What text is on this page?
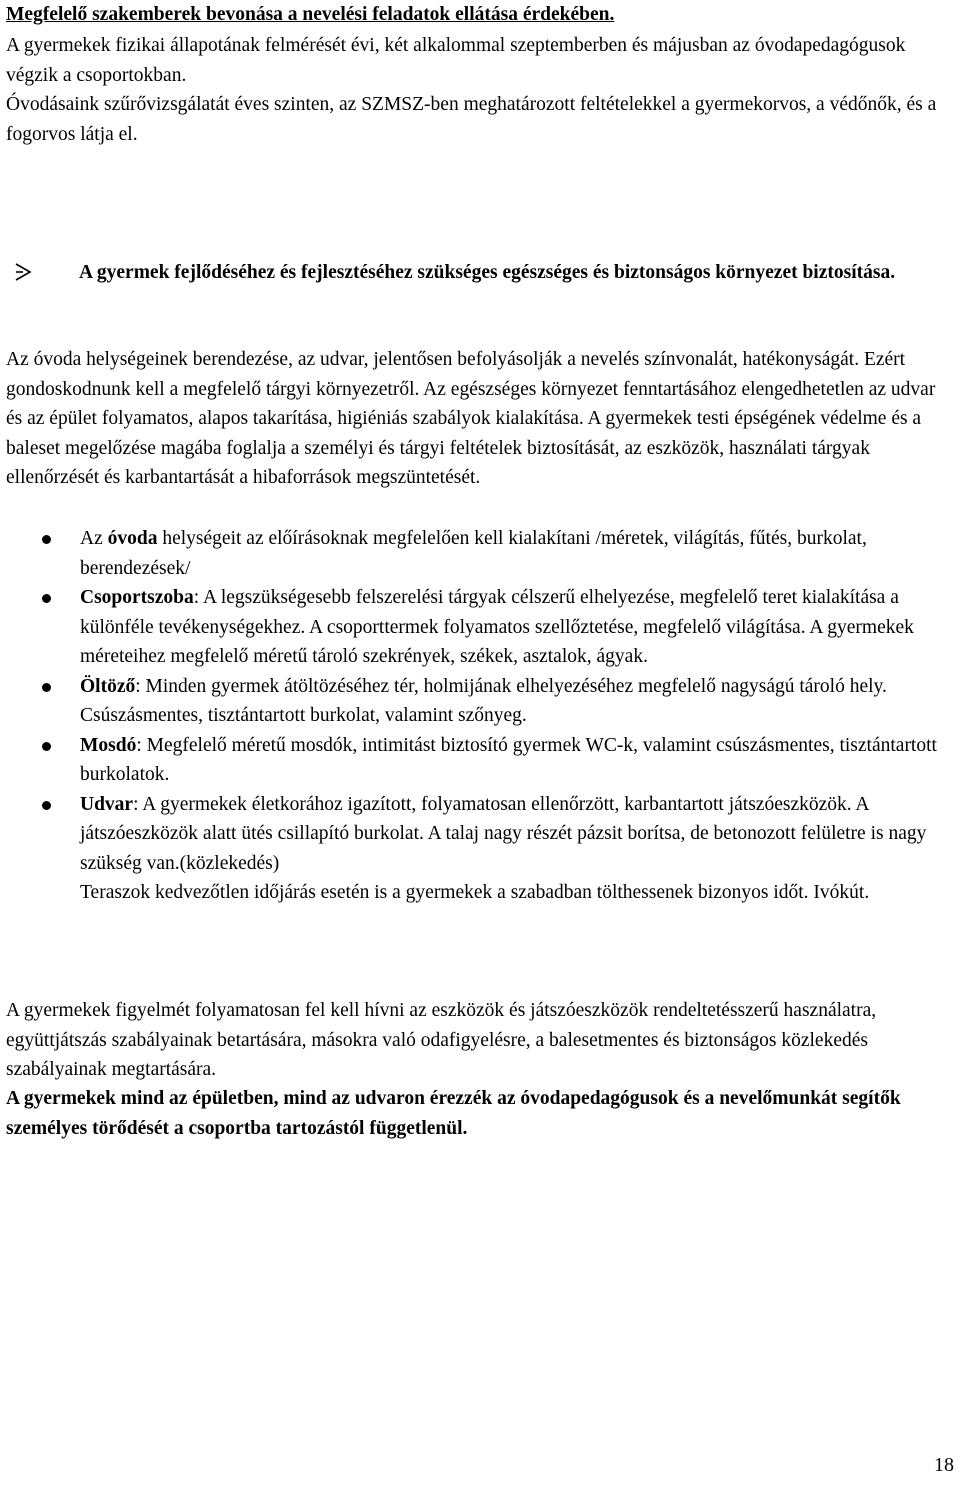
Megfelelő szakemberek bevonása a nevelési feladatok ellátása érdekében.

A gyermekek fizikai állapotának felmérését évi, két alkalommal szeptemberben és májusban az óvodapedagógusok végzik a csoportokban.

Óvodásaink szűrővizsgálatát éves szinten, az SZMSZ-ben meghatározott feltételekkel a gyermekorvos, a védőnők, és a fogorvos látja el.

A gyermek fejlődéséhez és fejlesztéséhez szükséges egészséges és biztonságos környezet biztosítása.

Az óvoda helységeinek berendezése, az udvar, jelentősen befolyásolják a nevelés színvonalát, hatékonyságát. Ezért gondoskodnunk kell a megfelelő tárgyi környezetről. Az egészséges környezet fenntartásához elengedhetetlen az udvar és az épület folyamatos, alapos takarítása, higiéniás szabályok kialakítása. A gyermekek testi épségének védelme és a baleset megelőzése magába foglalja a személyi és tárgyi feltételek biztosítását, az eszközök, használati tárgyak ellenőrzését és karbantartását a hibaforrások megszüntetését.

Az óvoda helységeit az előírásoknak megfelelően kell kialakítani /méretek, világítás, fűtés, burkolat, berendezések/
Csoportszoba: A legszükségesebb felszerelési tárgyak célszerű elhelyezése, megfelelő teret kialakítása a különféle tevékenységekhez. A csoporttermek folyamatos szellőztetése, megfelelő világítása. A gyermekek méreteihez megfelelő méretű tároló szekrények, székek, asztalok, ágyak.
Öltöző: Minden gyermek átöltözéséhez tér, holmijának elhelyezéséhez megfelelő nagyságú tároló hely. Csúszásmentes, tisztántartott burkolat, valamint szőnyeg.
Mosdó: Megfelelő méretű mosdók, intimitást biztosító gyermek WC-k, valamint csúszásmentes, tisztántartott burkolatok.
Udvar: A gyermekek életkorához igazított, folyamatosan ellenőrzött, karbantartott játszóeszközök. A játszóeszközök alatt ütés csillapító burkolat. A talaj nagy részét pázsit borítsa, de betonozott felületre is nagy szükség van.(közlekedés)
Teraszok kedvezőtlen időjárás esetén is a gyermekek a szabadban tölthessenek bizonyos időt. Ivókút.

A gyermekek figyelmét folyamatosan fel kell hívni az eszközök és játszóeszközök rendeltetésszerű használatra, együttjátszás szabályainak betartására, másokra való odafigyelésre, a balesetmentes és biztonságos közlekedés szabályainak megtartására.

A gyermekek mind az épületben, mind az udvaron érezzék az óvodapedagógusok és a nevelőmunkát segítők személyes törődését a csoportba tartozástól függetlenül.

18
